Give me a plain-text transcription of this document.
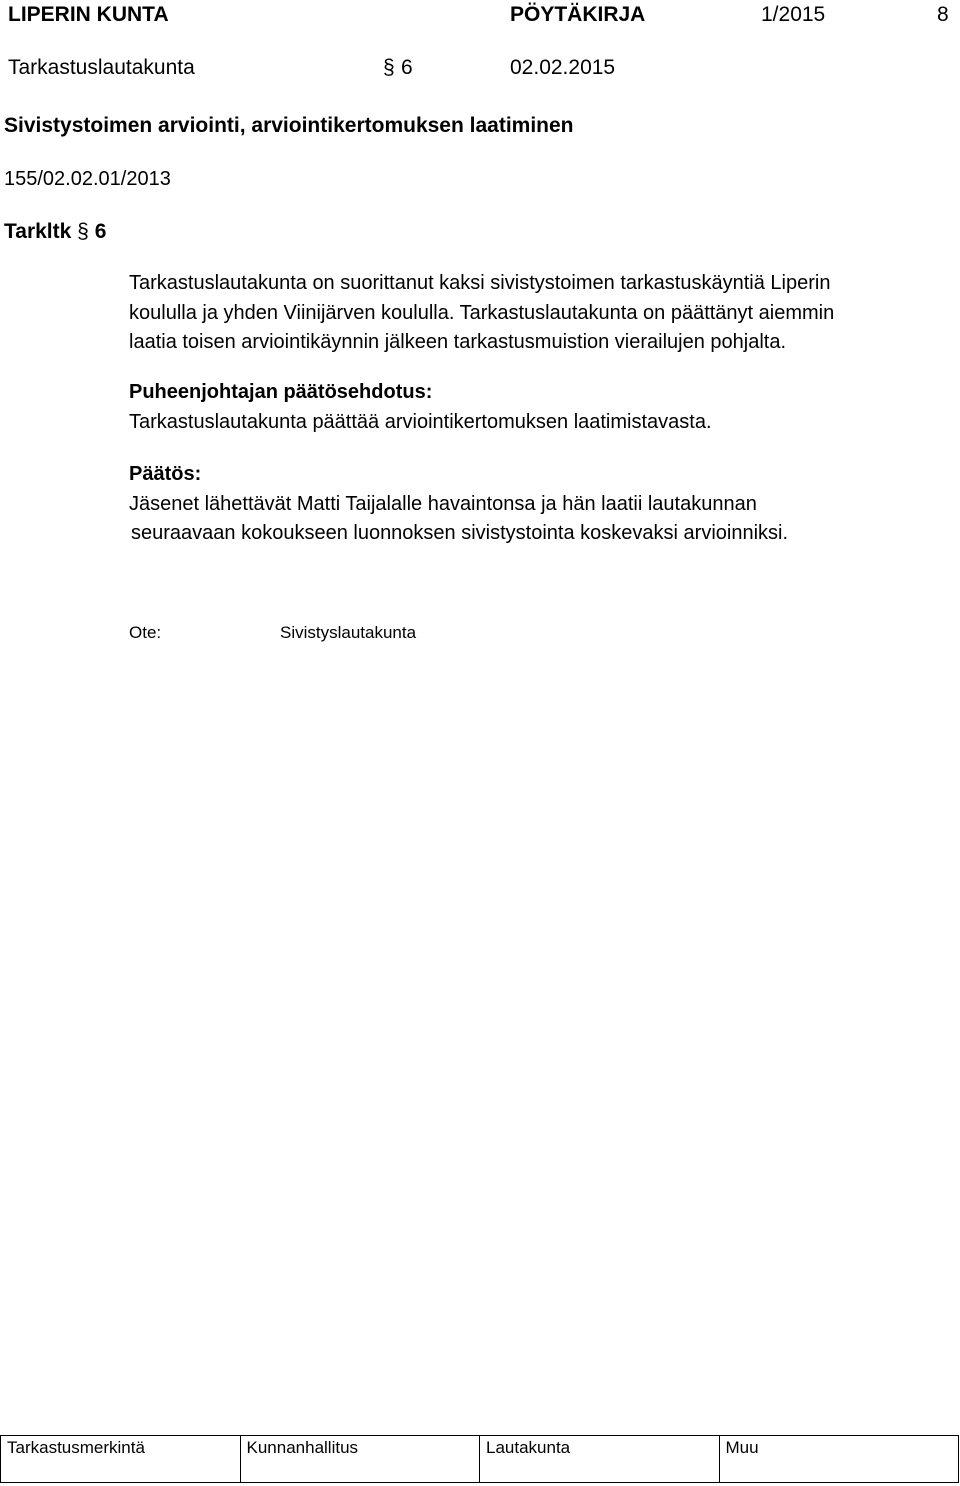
LIPERIN KUNTA	PÖYTÄKIRJA	1/2015	8
Tarkastuslautakunta	§ 6	02.02.2015
Sivistystoimen arviointi, arviointikertomuksen laatiminen
155/02.02.01/2013
Tarkltk § 6
Tarkastuslautakunta on suorittanut kaksi sivistystoimen tarkastuskäyntiä Liperin
koululla ja yhden Viinijärven koululla. Tarkastuslautakunta on päättänyt aiemmin
laatia toisen arviointikäynnin jälkeen tarkastusmuistion vierailujen pohjalta.
Puheenjohtajan päätösehdotus:
Tarkastuslautakunta päättää arviointikertomuksen laatimistavasta.
Päätös:
Jäsenet lähettävät Matti Taijalalle havaintonsa ja hän laatii lautakunnan
seuraavaan kokoukseen luonnoksen sivistystointa koskevaksi arvioinniksi.
Ote:	Sivistyslautakunta
Tarkastusmerkintä	Kunnanhallitus	Lautakunta	Muu
